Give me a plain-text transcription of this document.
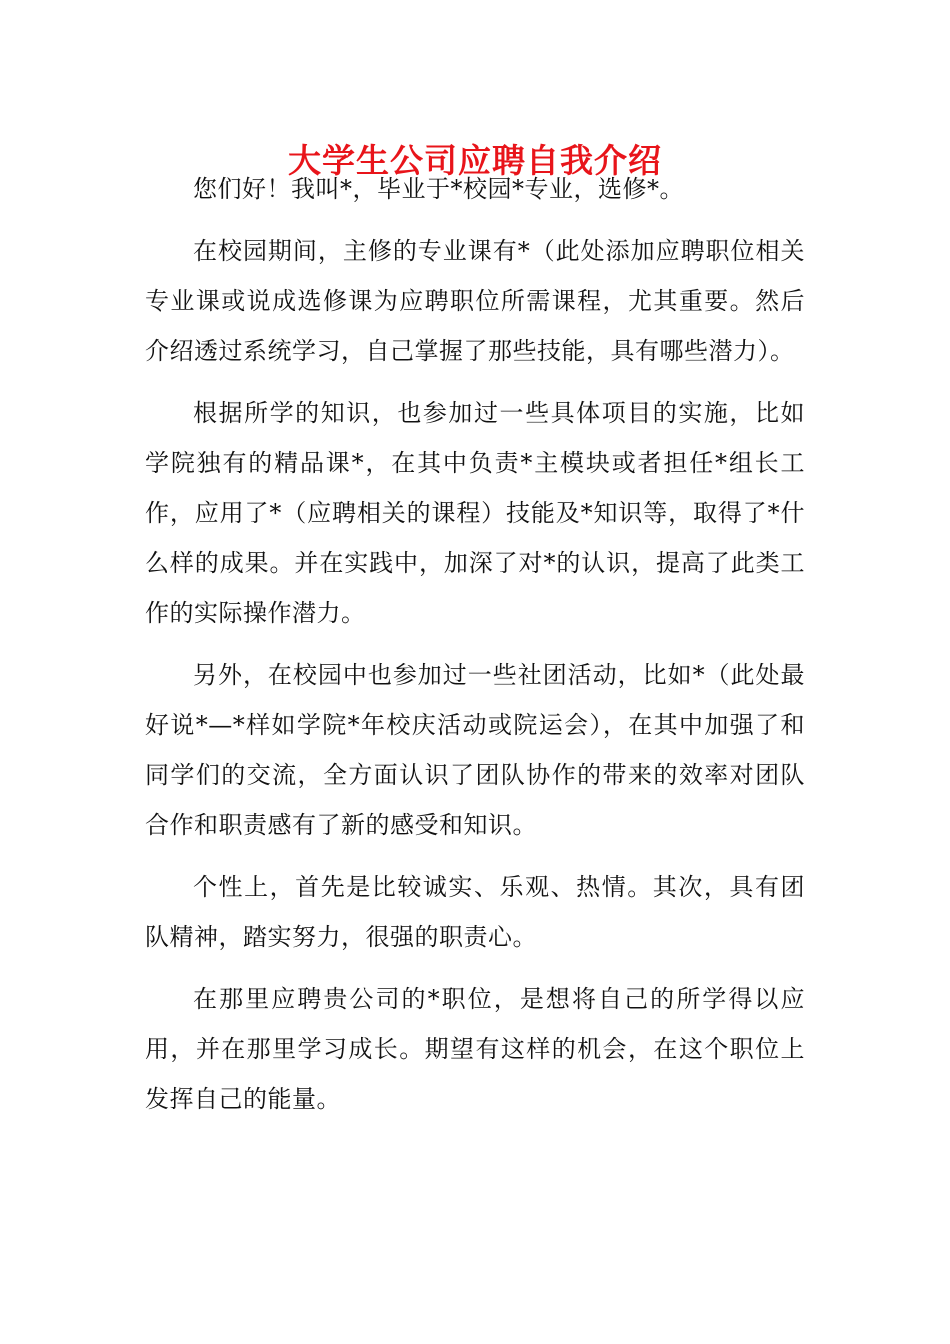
大学生公司应聘自我介绍

您们好！我叫*，毕业于*校园*专业，选修*。

在校园期间，主修的专业课有*（此处添加应聘职位相关专业课或说成选修课为应聘职位所需课程，尤其重要。然后介绍透过系统学习，自己掌握了那些技能，具有哪些潜力）。

根据所学的知识，也参加过一些具体项目的实施，比如学院独有的精品课*，在其中负责*主模块或者担任*组长工作，应用了*（应聘相关的课程）技能及*知识等，取得了*什么样的成果。并在实践中，加深了对*的认识，提高了此类工作的实际操作潜力。

另外，在校园中也参加过一些社团活动，比如*（此处最好说*—*样如学院*年校庆活动或院运会），在其中加强了和同学们的交流，全方面认识了团队协作的带来的效率对团队合作和职责感有了新的感受和知识。

个性上，首先是比较诚实、乐观、热情。其次，具有团队精神，踏实努力，很强的职责心。

在那里应聘贵公司的*职位，是想将自己的所学得以应用，并在那里学习成长。期望有这样的机会，在这个职位上发挥自己的能量。
